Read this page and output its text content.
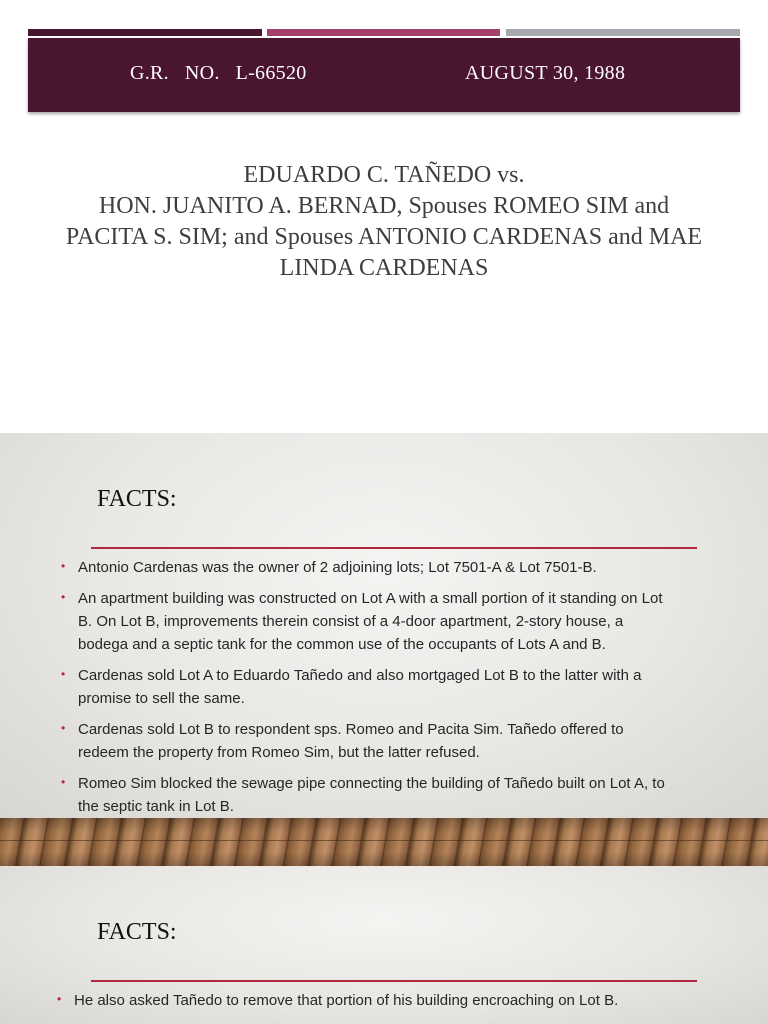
G.R.   NO.   L-66520	AUGUST 30, 1988
EDUARDO C. TAÑEDO vs.
HON. JUANITO A. BERNAD, Spouses ROMEO SIM and
PACITA S. SIM; and Spouses ANTONIO CARDENAS and MAE
LINDA CARDENAS
FACTS:
• Antonio Cardenas was the owner of 2 adjoining lots; Lot 7501-A & Lot 7501-B.
• An apartment building was constructed on Lot A with a small portion of it standing on Lot
B. On Lot B, improvements therein consist of a 4-door apartment, 2-story house, a
bodega and a septic tank for the common use of the occupants of Lots A and B.
• Cardenas sold Lot A to Eduardo Tañedo and also mortgaged Lot B to the latter with a
promise to sell the same.
• Cardenas sold Lot B to respondent sps. Romeo and Pacita Sim. Tañedo offered to
redeem the property from Romeo Sim, but the latter refused.
• Romeo Sim blocked the sewage pipe connecting the building of Tañedo built on Lot A, to
the septic tank in Lot B.
FACTS:
• He also asked Tañedo to remove that portion of his building encroaching on Lot B.
